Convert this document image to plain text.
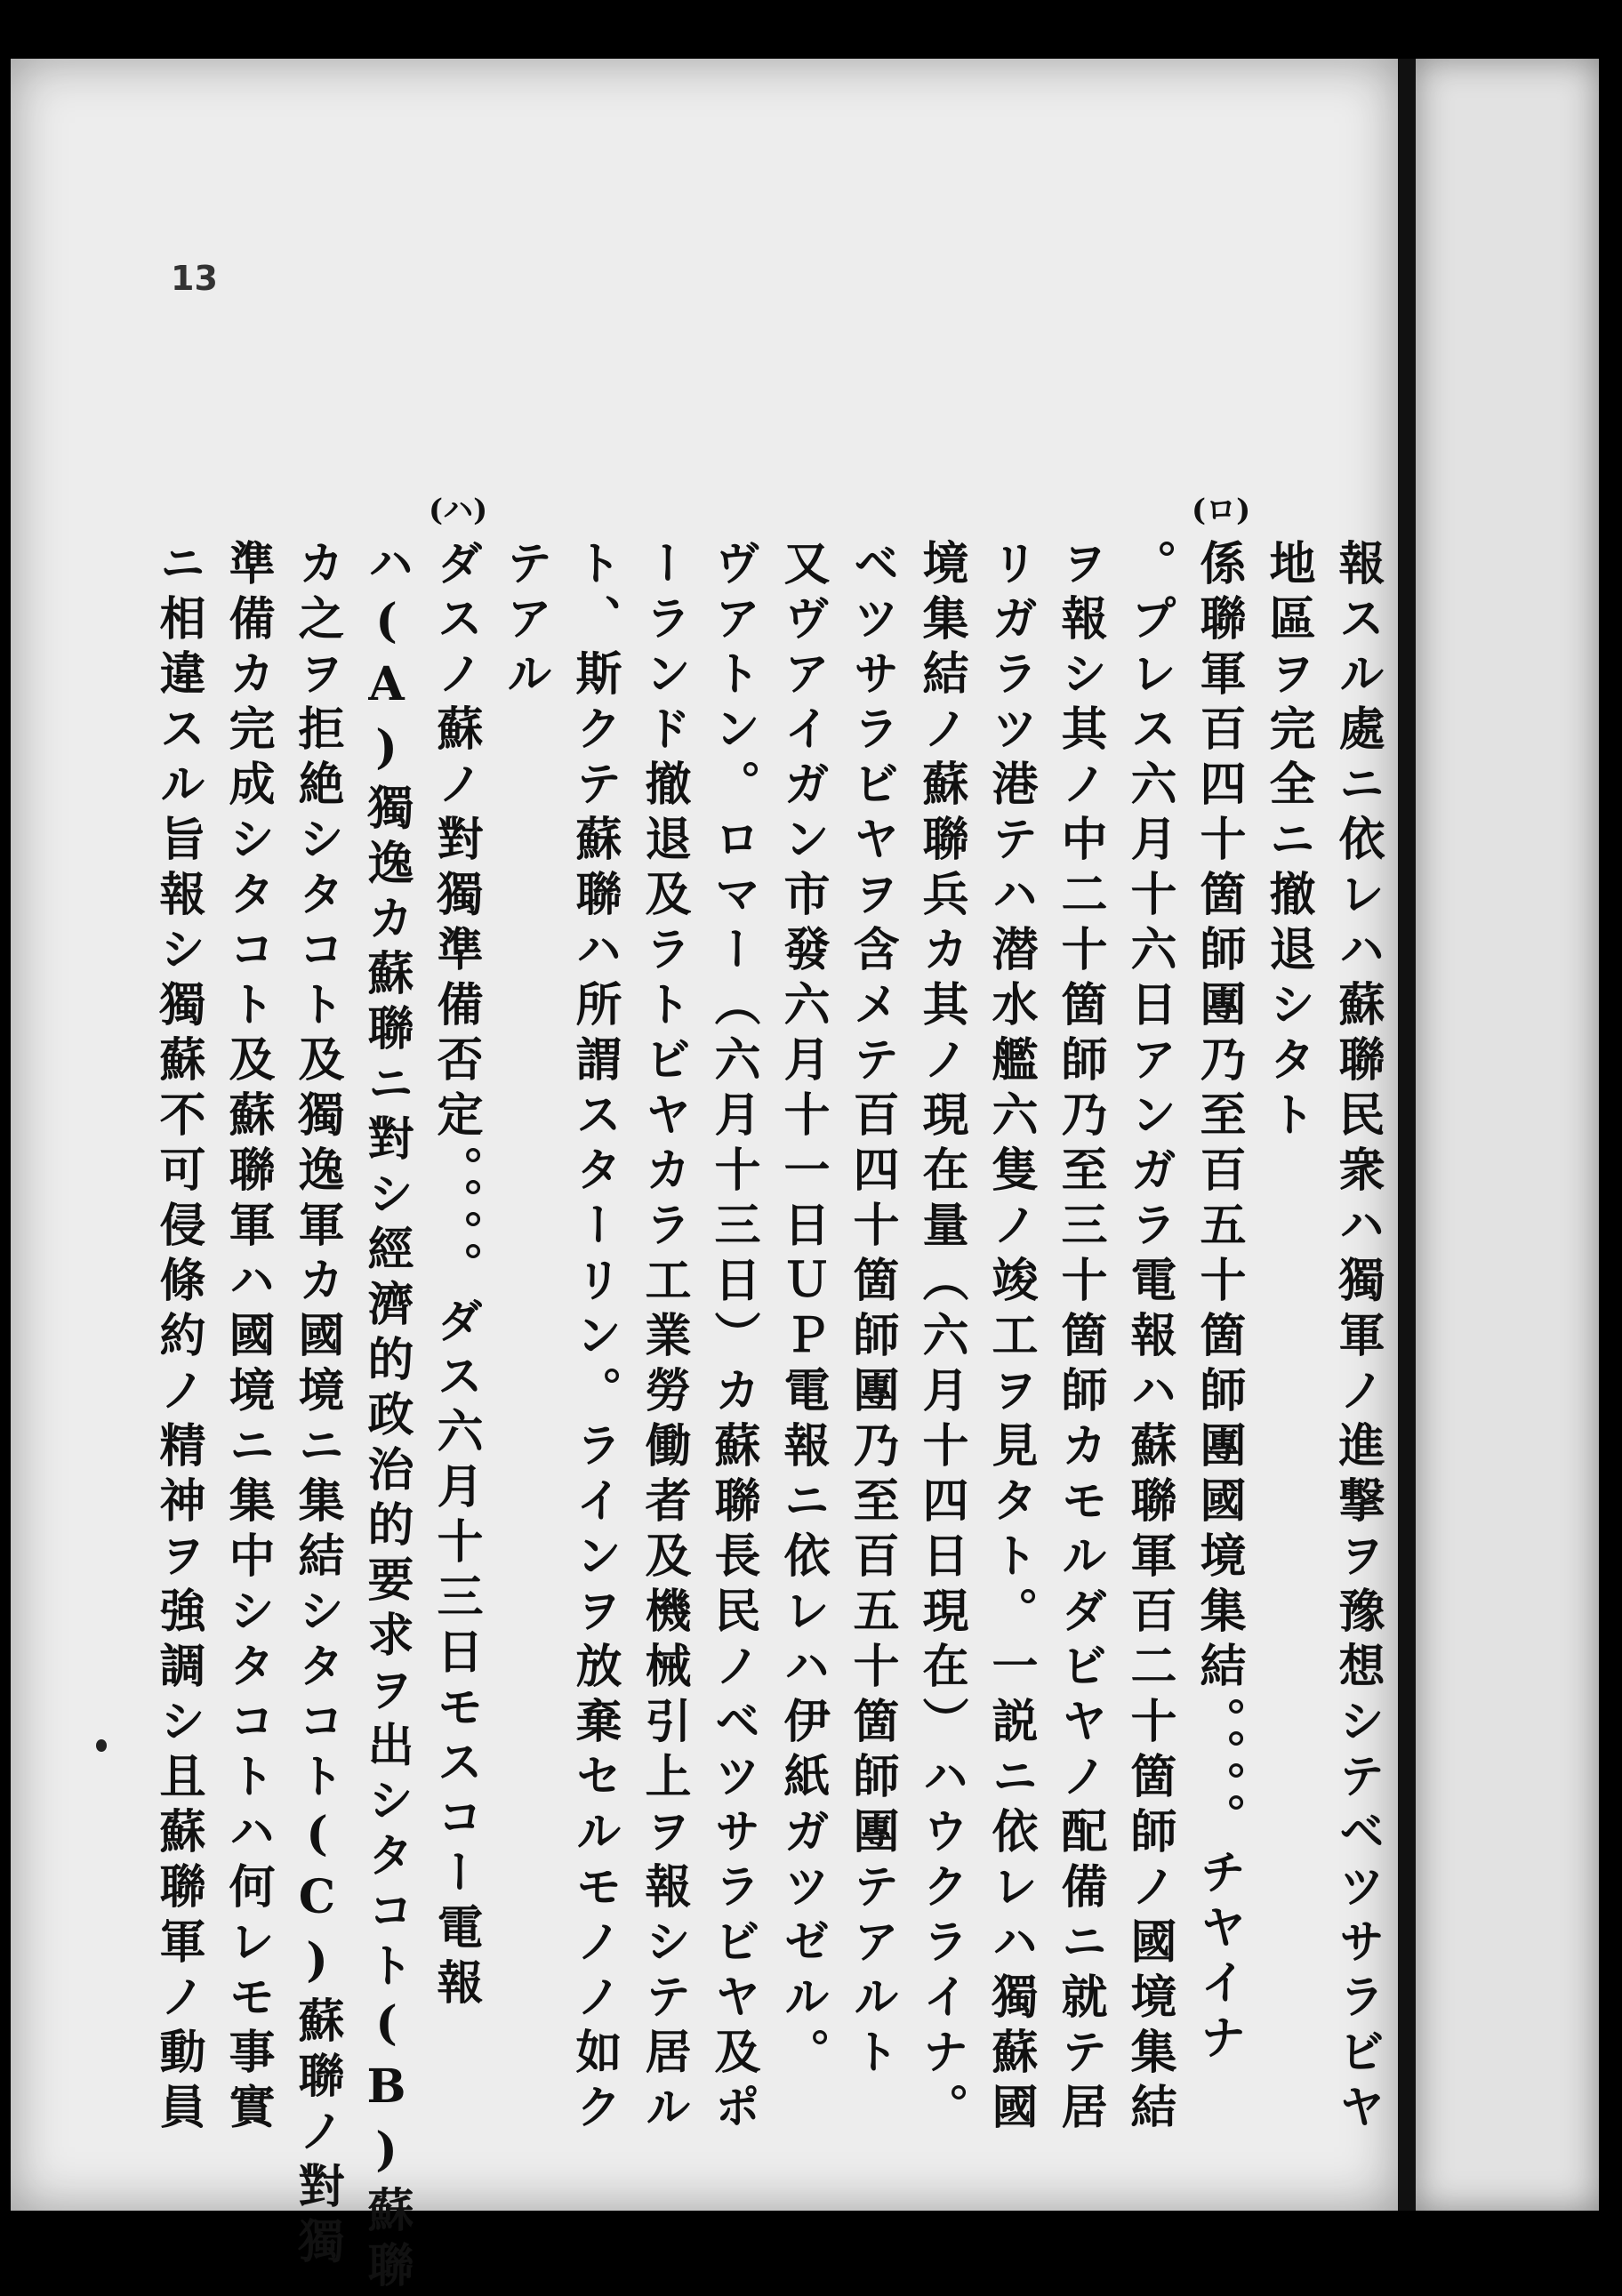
13
報スル處ニ依レハ蘇聯民衆ハ獨軍ノ進撃ヲ豫想シテベツサラビヤ
地區ヲ完全ニ撤退シタト
(ロ)
係聯軍百四十箇師團乃至百五十箇師團國境集結。。。。チヤイナ
。プレス六月十六日アンガラ電報ハ蘇聯軍百二十箇師ノ國境集結
ヲ報シ其ノ中二十箇師乃至三十箇師カモルダビヤノ配備ニ就テ居
リガラツ港テハ潜水艦六隻ノ竣工ヲ見タト。一説ニ依レハ獨蘇國
境集結ノ蘇聯兵カ其ノ現在量（六月十四日現在）ハウクライナ。
ベツサラビヤヲ含メテ百四十箇師團乃至百五十箇師團テアルト
又ヴアイガン市發六月十一日ＵＰ電報ニ依レハ伊紙ガツゼル。
ヴアトン。ロマー（六月十三日）カ蘇聯長民ノベツサラビヤ及ポ
ーランド撤退及ラトビヤカラ工業勞働者及機械引上ヲ報シテ居ル
ト、斯クテ蘇聯ハ所謂スターリン。ラインヲ放棄セルモノノ如ク
テアル
(ハ)
ダスノ蘇ノ對獨準備否定。。。。ダス六月十三日モスコー電報
ハ(A)獨逸カ蘇聯ニ對シ經濟的政治的要求ヲ出シタコト(B)蘇聯
カ之ヲ拒絶シタコト及獨逸軍カ國境ニ集結シタコト(C)蘇聯ノ對獨
準備カ完成シタコト及蘇聯軍ハ國境ニ集中シタコトハ何レモ事實
ニ相違スル旨報シ獨蘇不可侵條約ノ精神ヲ強調シ且蘇聯軍ノ動員
